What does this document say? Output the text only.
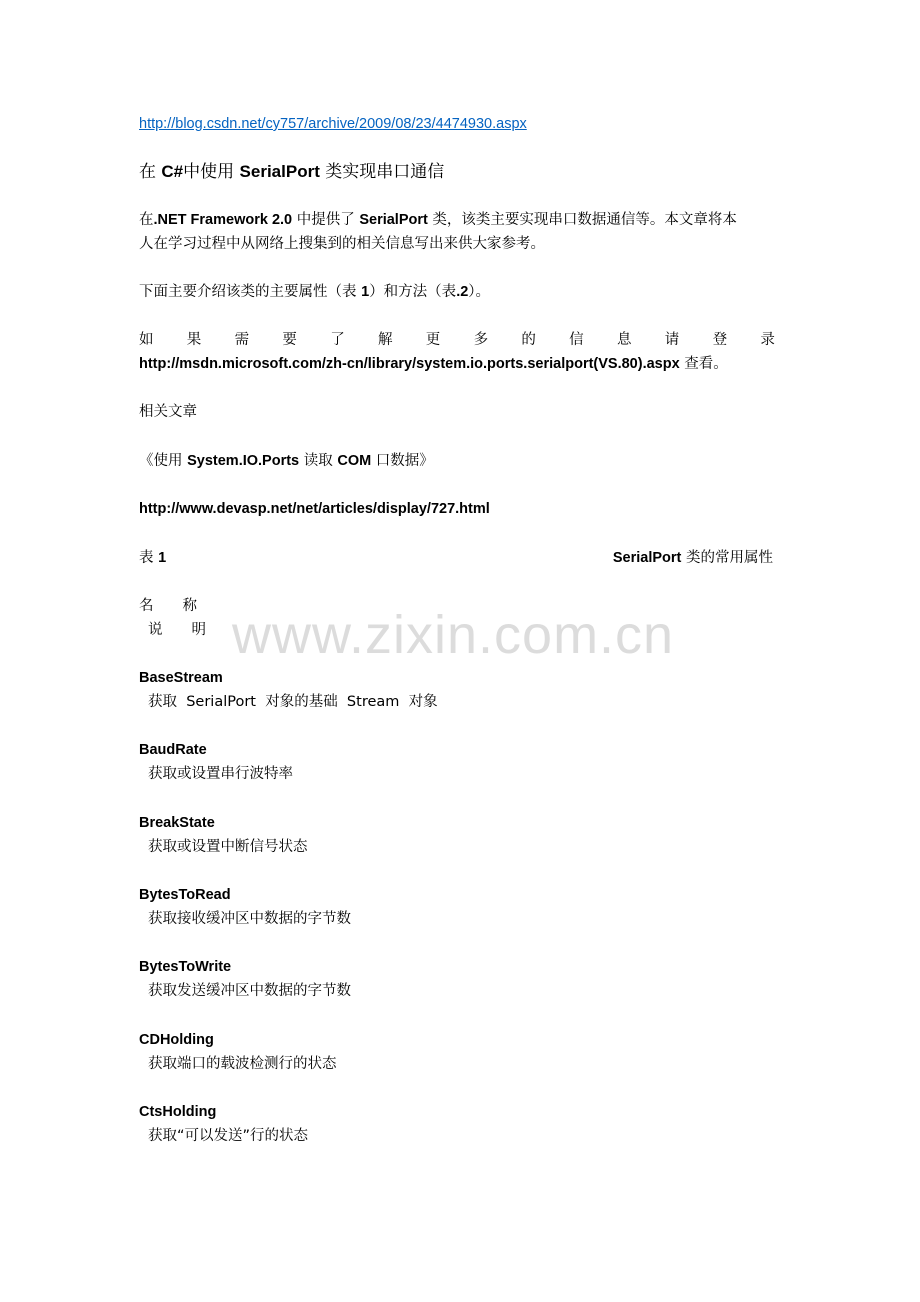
http://blog.csdn.net/cy757/archive/2009/08/23/4474930.aspx
在 C#中使用 SerialPort 类实现串口通信
在.NET Framework 2.0 中提供了 SerialPort 类，该类主要实现串口数据通信等。本文章将本
人在学习过程中从网络上搜集到的相关信息写出来供大家参考。
下面主要介绍该类的主要属性（表 1）和方法（表.2）。
如 果 需 要 了 解 更 多 的 信 息 请 登 录
http://msdn.microsoft.com/zh-cn/library/system.io.ports.serialport(VS.80).aspx 查看。
相关文章
《使用 System.IO.Ports 读取 COM 口数据》
http://www.devasp.net/net/articles/display/727.html
表 1	SerialPort 类的常用属性
名　　称
说　　明
BaseStream
获取  SerialPort  对象的基础  Stream  对象
BaudRate
获取或设置串行波特率
BreakState
获取或设置中断信号状态
BytesToRead
获取接收缓冲区中数据的字节数
BytesToWrite
获取发送缓冲区中数据的字节数
CDHolding
获取端口的载波检测行的状态
CtsHolding
获取“可以发送”行的状态
www.zixin.com.cn
